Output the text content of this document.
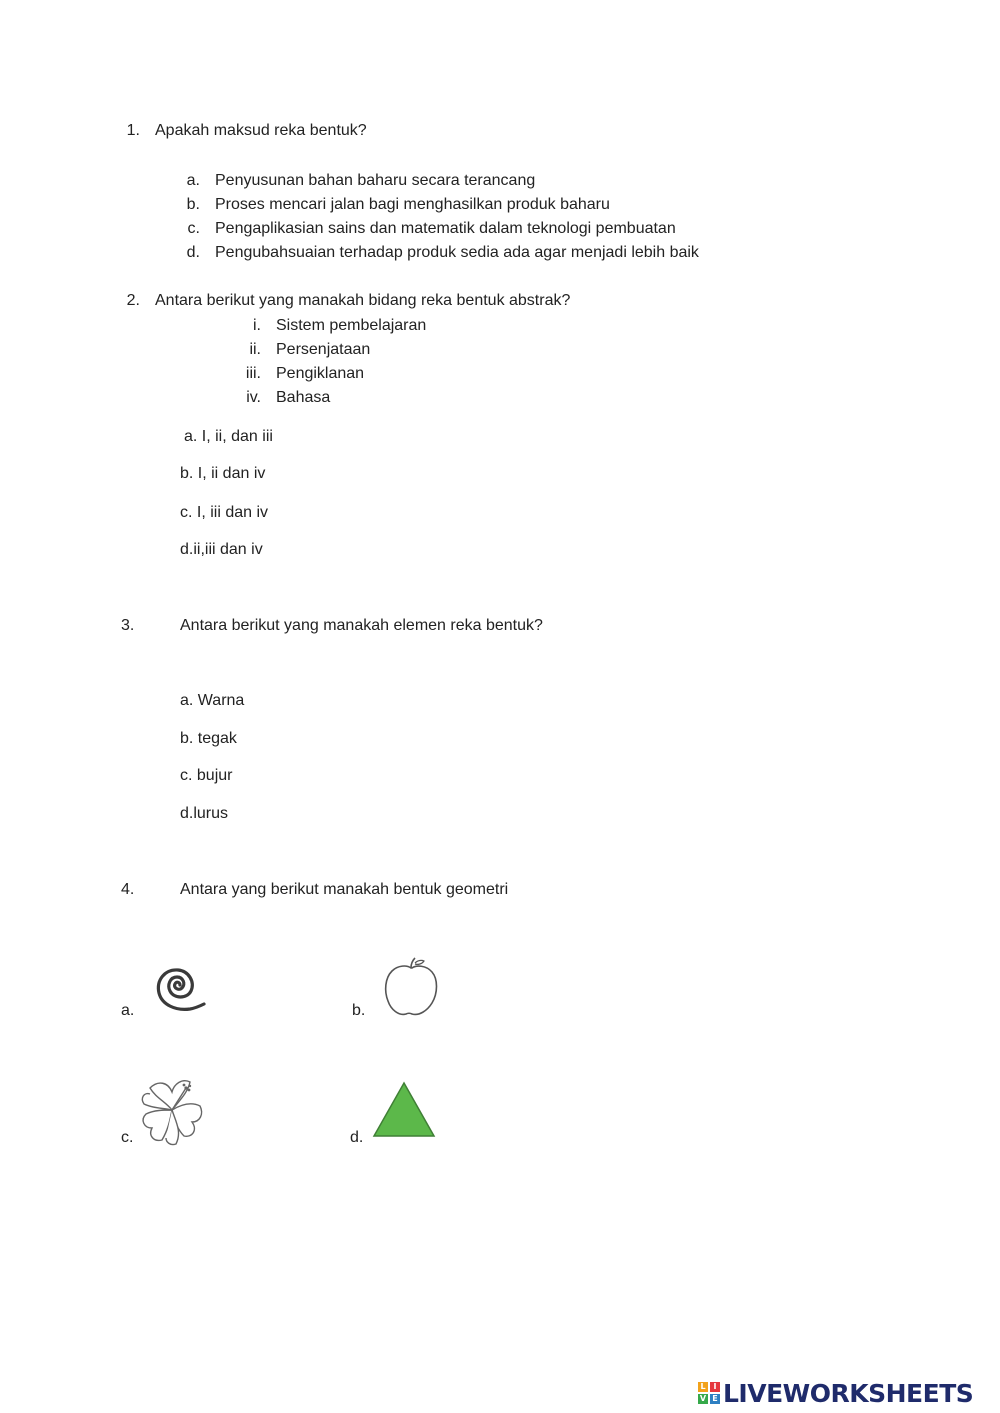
1. Apakah maksud reka bentuk?
a. Penyusunan bahan baharu secara terancang
b. Proses mencari jalan bagi menghasilkan produk baharu
c. Pengaplikasian sains dan matematik dalam teknologi pembuatan
d. Pengubahsuaian terhadap produk sedia ada agar menjadi lebih baik
2. Antara berikut yang manakah bidang reka bentuk abstrak?
i. Sistem pembelajaran
ii. Persenjataan
iii. Pengiklanan
iv. Bahasa
a. I, ii, dan iii
b. I, ii dan iv
c. I, iii dan iv
d.ii,iii dan iv
3.	Antara berikut yang manakah elemen reka bentuk?
a. Warna
b. tegak
c. bujur
d.lurus
4.	Antara yang berikut manakah bentuk geometri
a.	b.
c.	d.
L I
V E LIVEWORKSHEETS
